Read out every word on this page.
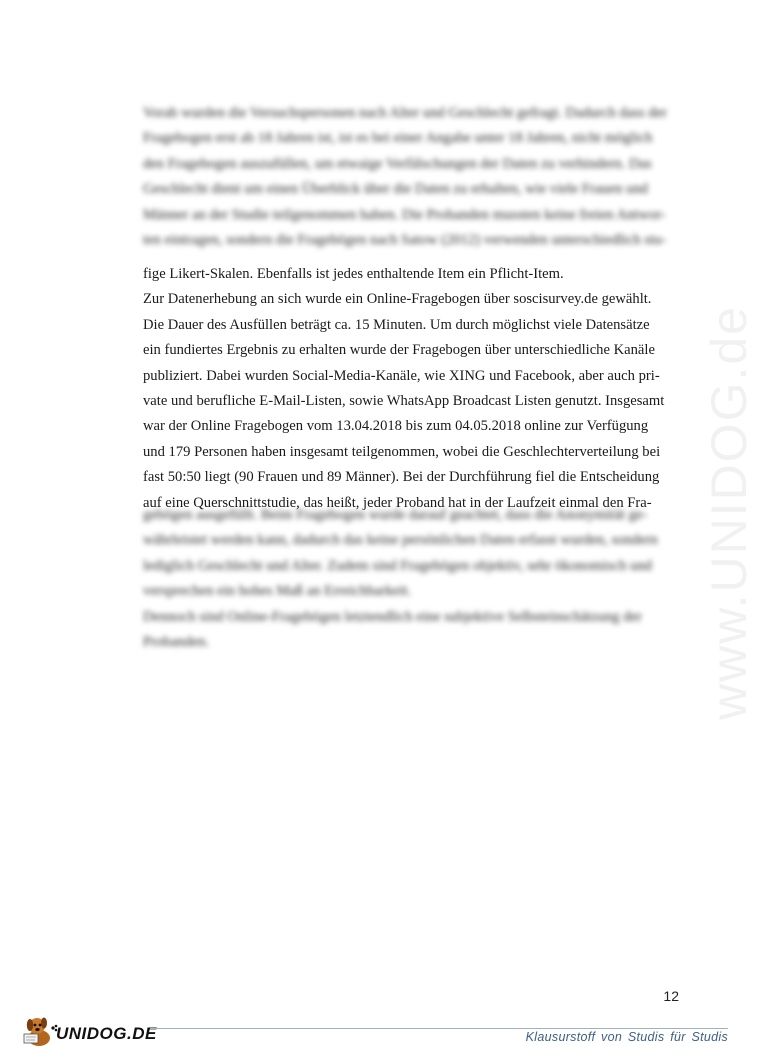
www.UNIDOG.de

Vorab wurden die Versuchspersonen nach Alter und Geschlecht gefragt. Dadurch dass der

Fragebogen erst ab 18 Jahren ist, ist es bei einer Angabe unter 18 Jahren, nicht möglich

den Fragebogen auszufüllen, um etwaige Verfälschungen der Daten zu verhindern. Das

Geschlecht dient um einen Überblick über die Daten zu erhalten, wie viele Frauen und

Männer an der Studie teilgenommen haben. Die Probanden mussten keine freien Antwor-

ten eintragen, sondern die Fragebögen nach Satow (2012) verwenden unterschiedlich stu-

fige Likert-Skalen. Ebenfalls ist jedes enthaltende Item ein Pflicht-Item.

Zur Datenerhebung an sich wurde ein Online-Fragebogen über soscisurvey.de gewählt.

Die Dauer des Ausfüllen beträgt ca. 15 Minuten. Um durch möglichst viele Datensätze

ein fundiertes Ergebnis zu erhalten wurde der Fragebogen über unterschiedliche Kanäle

publiziert. Dabei wurden Social-Media-Kanäle, wie XING und Facebook, aber auch pri-

vate und berufliche E-Mail-Listen, sowie WhatsApp Broadcast Listen genutzt. Insgesamt

war der Online Fragebogen vom 13.04.2018 bis zum 04.05.2018 online zur Verfügung

und 179 Personen haben insgesamt teilgenommen, wobei die Geschlechterverteilung bei

fast 50:50 liegt (90 Frauen und 89 Männer). Bei der Durchführung fiel die Entscheidung

auf eine Querschnittstudie, das heißt, jeder Proband hat in der Laufzeit einmal den Fra-

gebögen ausgefüllt. Beim Fragebogen wurde darauf geachtet, dass die Anonymität ge-

währleistet werden kann, dadurch das keine persönlichen Daten erfasst wurden, sondern

lediglich Geschlecht und Alter. Zudem sind Fragebögen objektiv, sehr ökonomisch und

versprechen ein hohes Maß an Erreichbarkeit.

Dennoch sind Online-Fragebögen letztendlich eine subjektive Selbsteinschätzung der

Probanden.

12
UNIDOG.DE	Klausurstoff von Studis für Studis
